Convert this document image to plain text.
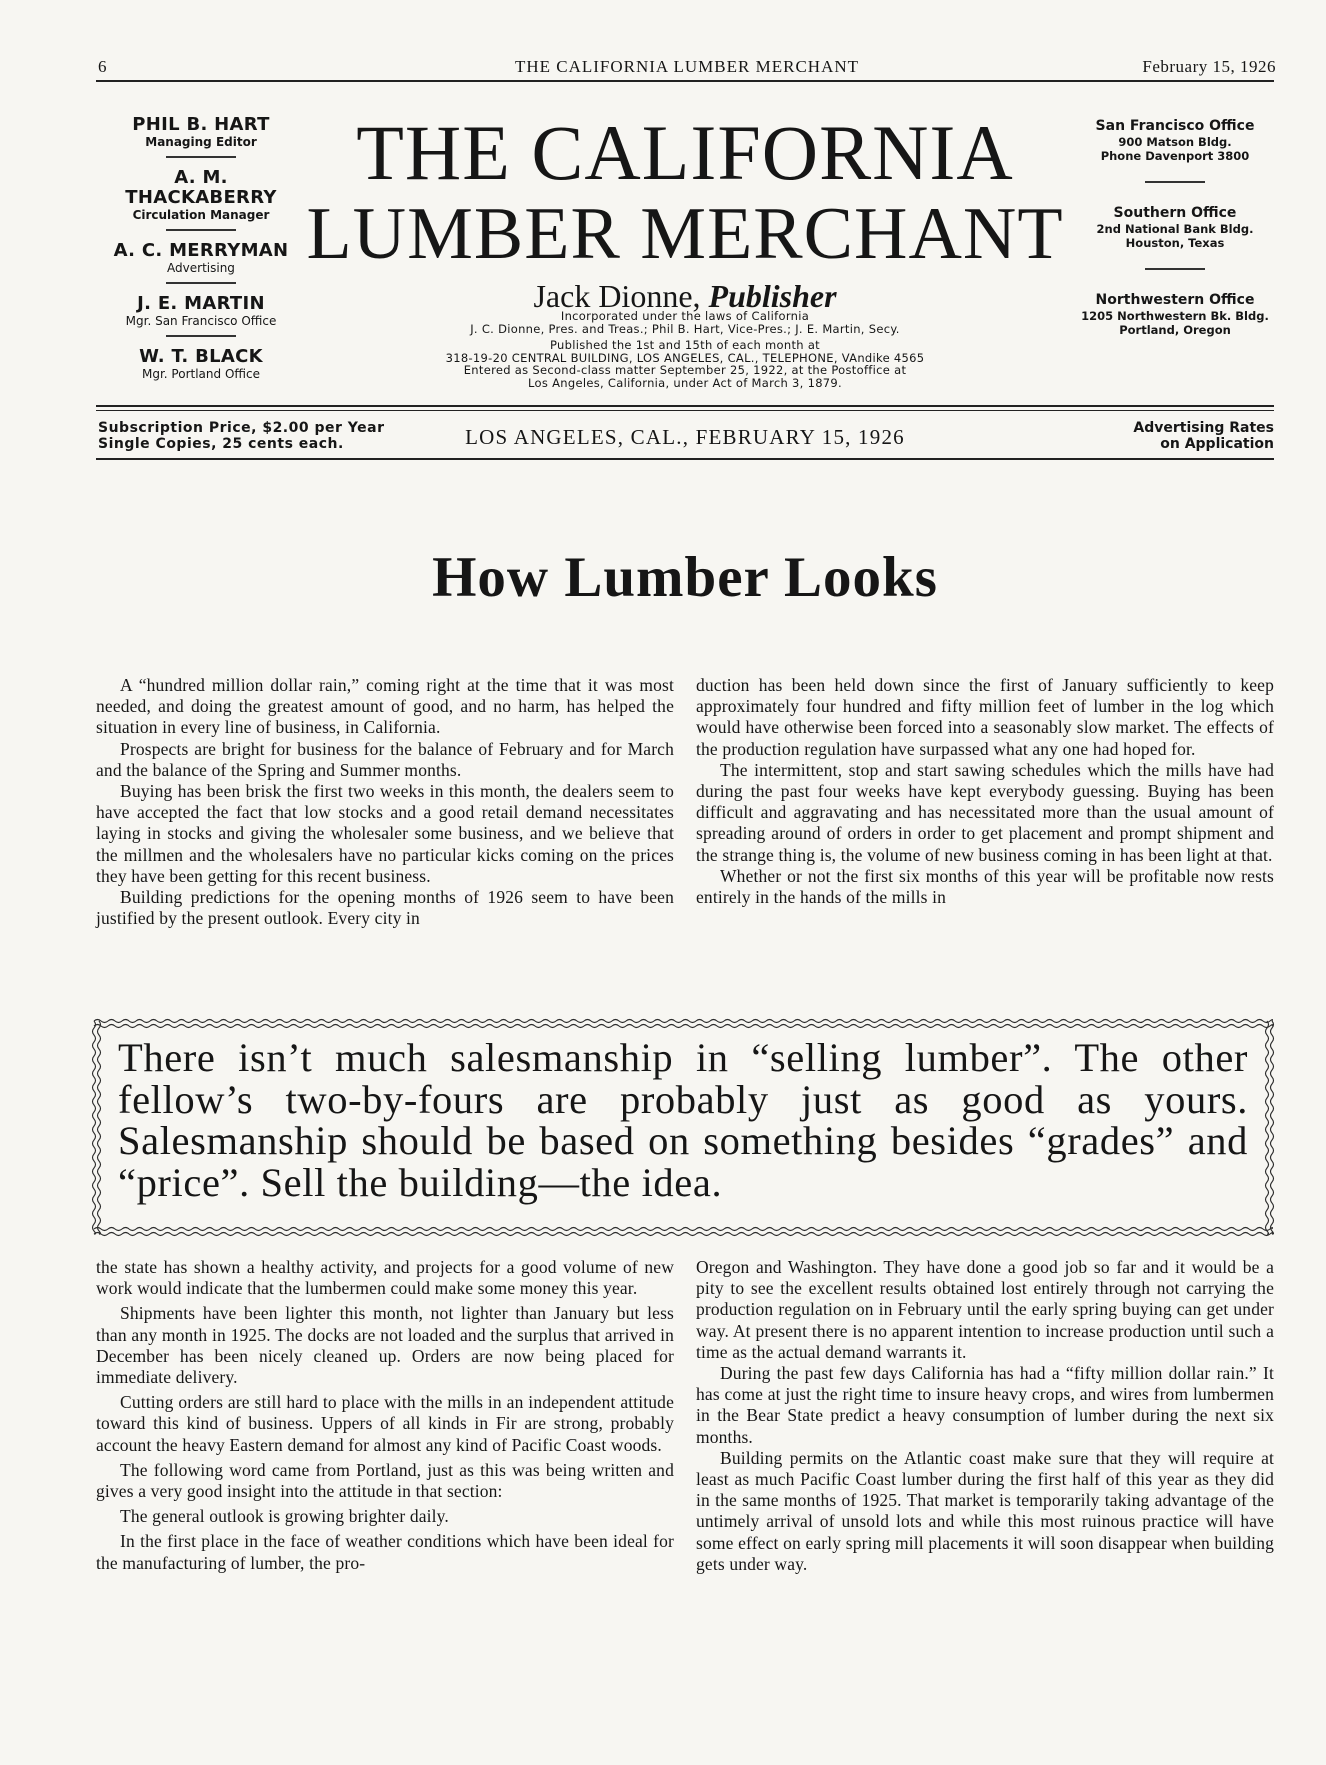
6	THE CALIFORNIA LUMBER MERCHANT	February 15, 1926
PHIL B. HART
Managing Editor
A. M. THACKABERRY
Circulation Manager
A. C. MERRYMAN
Advertising
J. E. MARTIN
Mgr. San Francisco Office
W. T. BLACK
Mgr. Portland Office
THE CALIFORNIA
LUMBER MERCHANT
Jack Dionne, Publisher
Incorporated under the laws of California
J. C. Dionne, Pres. and Treas.; Phil B. Hart, Vice-Pres.; J. E. Martin, Secy.
Published the 1st and 15th of each month at
318-19-20 CENTRAL BUILDING, LOS ANGELES, CAL., TELEPHONE, VAndike 4565
Entered as Second-class matter September 25, 1922, at the Postoffice at
Los Angeles, California, under Act of March 3, 1879.
San Francisco Office
900 Matson Bldg.
Phone Davenport 3800
Southern Office
2nd National Bank Bldg.
Houston, Texas
Northwestern Office
1205 Northwestern Bk. Bldg.
Portland, Oregon
Subscription Price, $2.00 per Year
Single Copies, 25 cents each.	LOS ANGELES, CAL., FEBRUARY 15, 1926	Advertising Rates
on Application
How Lumber Looks

A “hundred million dollar rain,” coming right at the time that it was most needed, and doing the greatest amount of good, and no harm, has helped the situation in every line of business, in California.

Prospects are bright for business for the balance of February and for March and the balance of the Spring and Summer months.

Buying has been brisk the first two weeks in this month, the dealers seem to have accepted the fact that low stocks and a good retail demand necessitates laying in stocks and giving the wholesaler some business, and we believe that the millmen and the wholesalers have no particular kicks coming on the prices they have been getting for this recent business.

Building predictions for the opening months of 1926 seem to have been justified by the present outlook. Every city in

duction has been held down since the first of January sufficiently to keep approximately four hundred and fifty million feet of lumber in the log which would have otherwise been forced into a seasonably slow market. The effects of the production regulation have surpassed what any one had hoped for.

The intermittent, stop and start sawing schedules which the mills have had during the past four weeks have kept everybody guessing. Buying has been difficult and aggravating and has necessitated more than the usual amount of spreading around of orders in order to get placement and prompt shipment and the strange thing is, the volume of new business coming in has been light at that.

Whether or not the first six months of this year will be profitable now rests entirely in the hands of the mills in

There isn’t much salesmanship in “selling lumber”. The other fellow’s two-by-fours are probably just as good as yours. Salesmanship should be based on something besides “grades” and “price”. Sell the building—the idea.

the state has shown a healthy activity, and projects for a good volume of new work would indicate that the lumbermen could make some money this year.

Shipments have been lighter this month, not lighter than January but less than any month in 1925. The docks are not loaded and the surplus that arrived in December has been nicely cleaned up. Orders are now being placed for immediate delivery.

Cutting orders are still hard to place with the mills in an independent attitude toward this kind of business. Uppers of all kinds in Fir are strong, probably account the heavy Eastern demand for almost any kind of Pacific Coast woods.

The following word came from Portland, just as this was being written and gives a very good insight into the attitude in that section:

The general outlook is growing brighter daily.

In the first place in the face of weather conditions which have been ideal for the manufacturing of lumber, the pro-

Oregon and Washington. They have done a good job so far and it would be a pity to see the excellent results obtained lost entirely through not carrying the production regulation on in February until the early spring buying can get under way. At present there is no apparent intention to increase production until such a time as the actual demand warrants it.

During the past few days California has had a “fifty million dollar rain.” It has come at just the right time to insure heavy crops, and wires from lumbermen in the Bear State predict a heavy consumption of lumber during the next six months.

Building permits on the Atlantic coast make sure that they will require at least as much Pacific Coast lumber during the first half of this year as they did in the same months of 1925. That market is temporarily taking advantage of the untimely arrival of unsold lots and while this most ruinous practice will have some effect on early spring mill placements it will soon disappear when building gets under way.
